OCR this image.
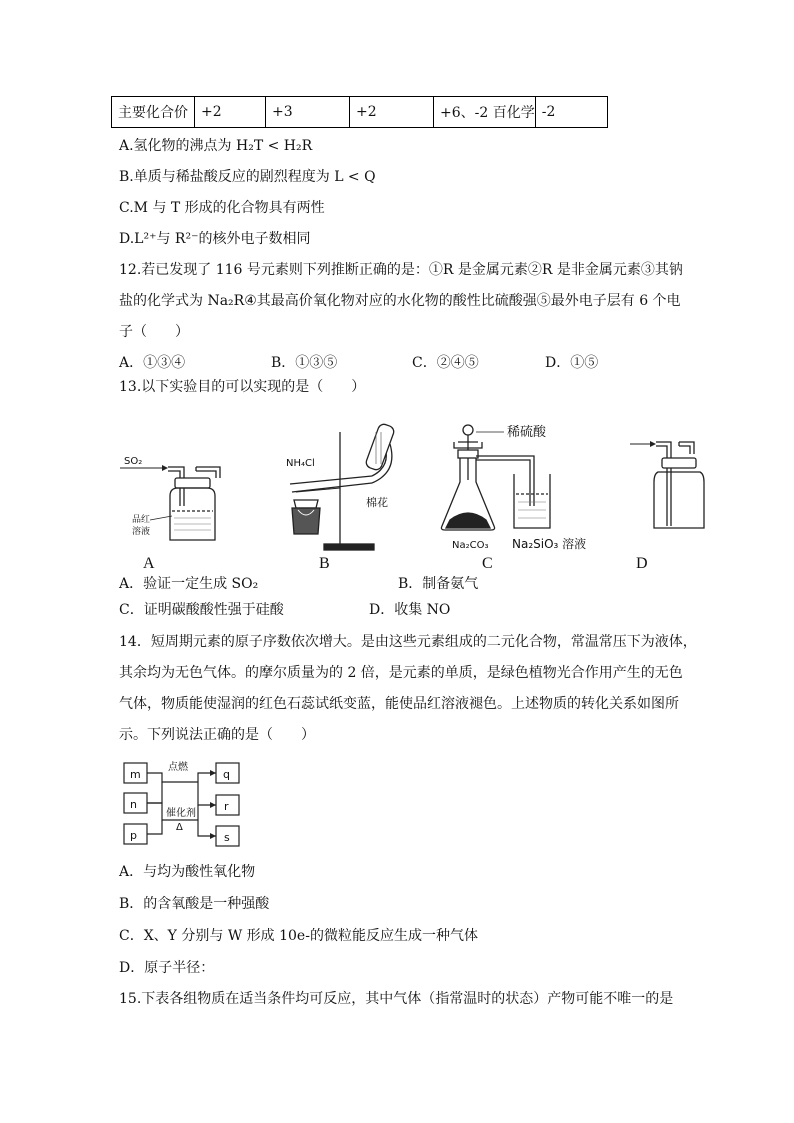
主要化合价	+2	+3	+2	+6、-2 百化学	-2
A.氢化物的沸点为 H₂T < H₂R
B.单质与稀盐酸反应的剧烈程度为 L < Q
C.M 与 T 形成的化合物具有两性
D.L²⁺与 R²⁻的核外电子数相同
12.若已发现了 116 号元素则下列推断正确的是：①R 是金属元素②R 是非金属元素③其钠
盐的化学式为 Na₂R④其最高价氧化物对应的水化物的酸性比硫酸强⑤最外电子层有 6 个电
子（　　）
A．①③④	B．①③⑤	C．②④⑤	D．①⑤
13.以下实验目的可以实现的是（　　）
SO₂
品红
溶液
A
NH₄Cl
棉花
B
稀硫酸
Na₂CO₃ Na₂SiO₃ 溶液
C	D
A．验证一定生成 SO₂	B．制备氨气
C．证明碳酸酸性强于硅酸	D．收集 NO
14．短周期元素的原子序数依次增大。是由这些元素组成的二元化合物，常温常压下为液体，
其余均为无色气体。的摩尔质量为的 2 倍，是元素的单质，是绿色植物光合作用产生的无色
气体，物质能使湿润的红色石蕊试纸变蓝，能使品红溶液褪色。上述物质的转化关系如图所
示。下列说法正确的是（　　）
m
n
p
q
r
s
点燃
催化剂
Δ
A．与均为酸性氧化物
B．的含氧酸是一种强酸
C．X、Y 分别与 W 形成 10e-的微粒能反应生成一种气体
D．原子半径：
15.下表各组物质在适当条件均可反应，其中气体（指常温时的状态）产物可能不唯一的是
